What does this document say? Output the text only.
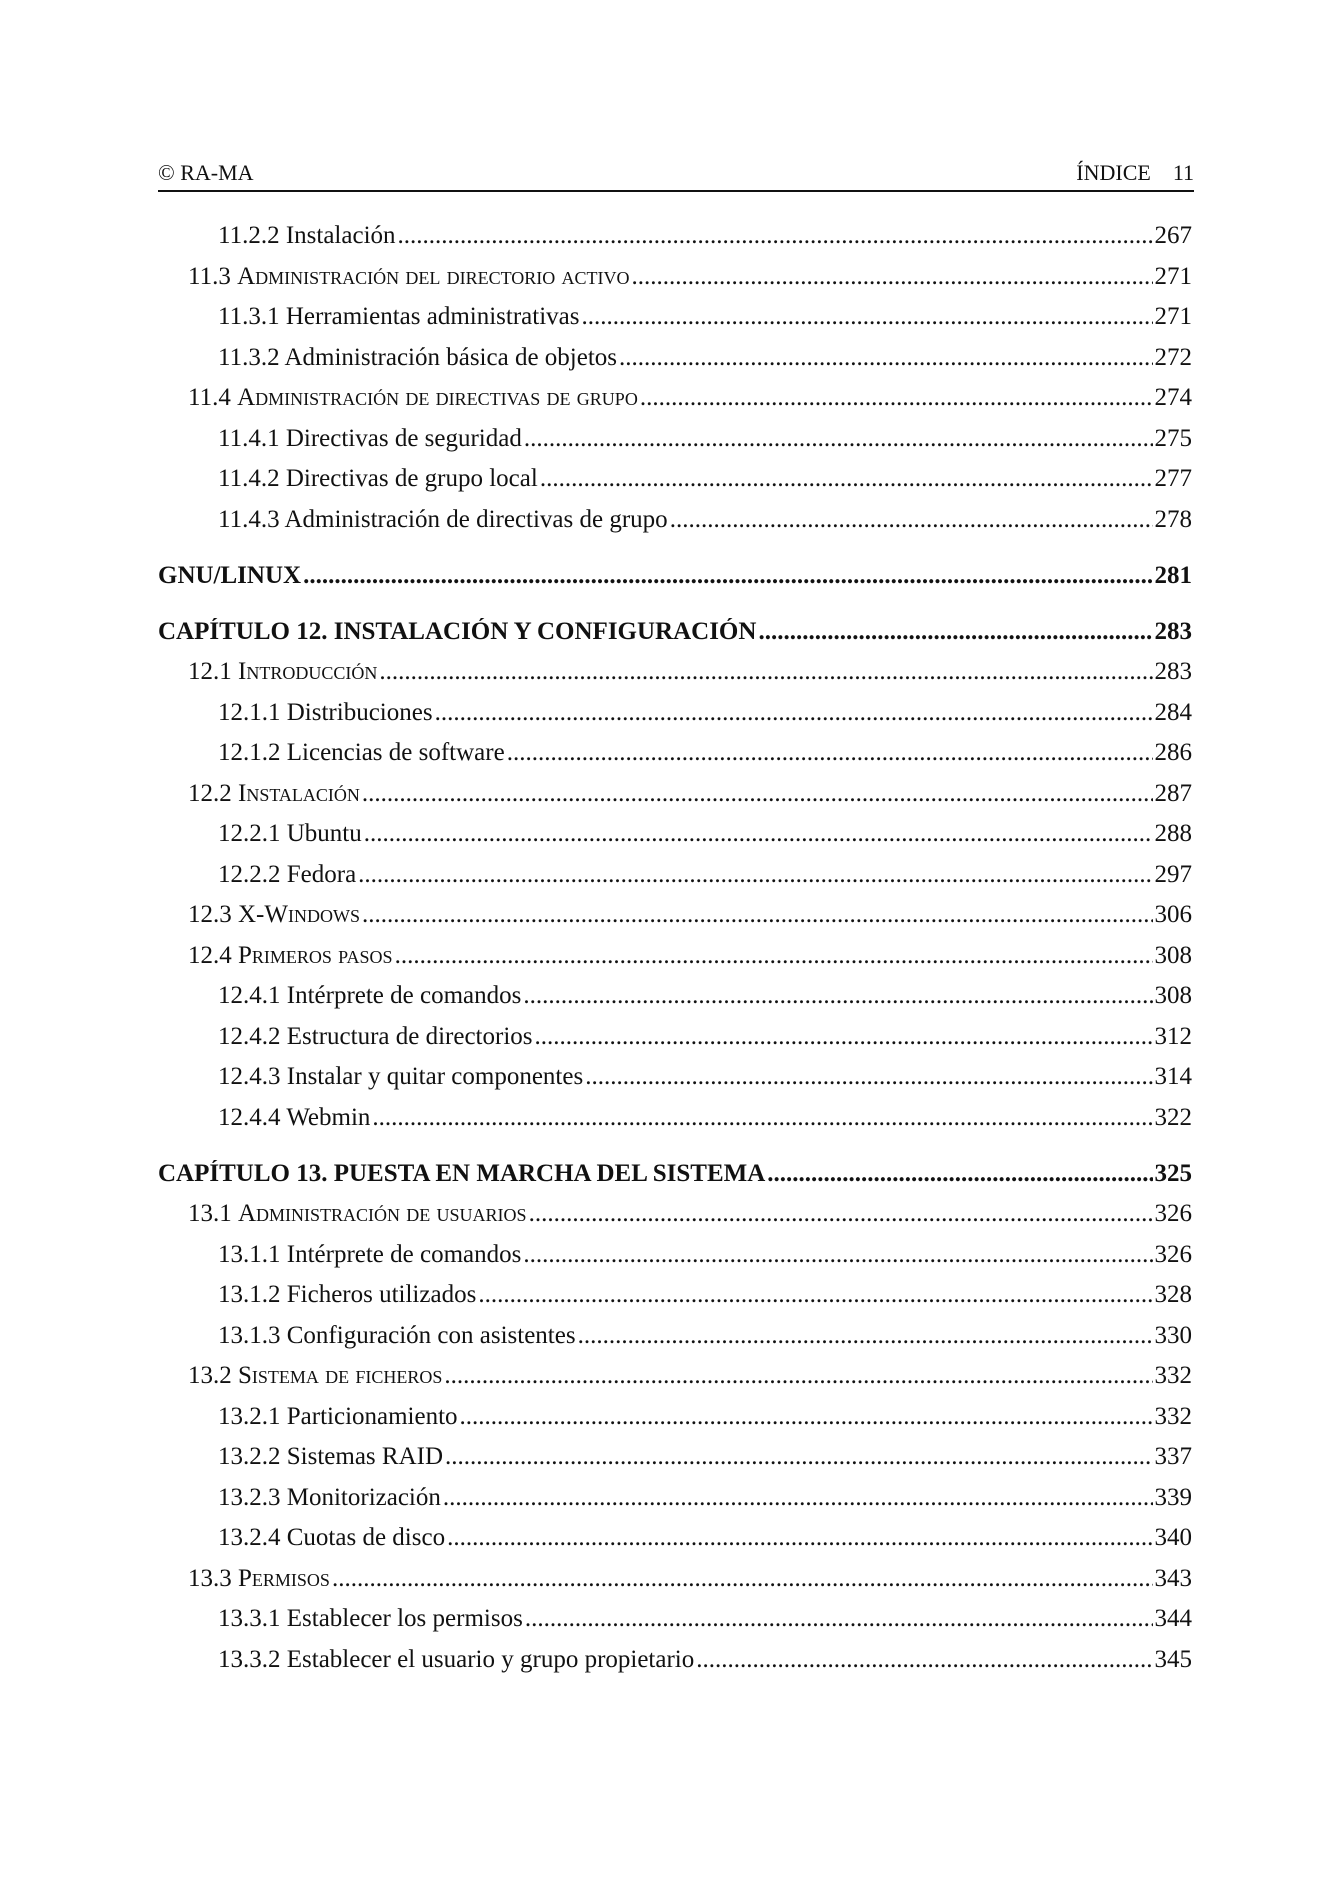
© RA-MA	ÍNDICE 11
11.2.2 Instalación .....	267
11.3 Administración del directorio activo .....	271
11.3.1 Herramientas administrativas .....	271
11.3.2 Administración básica de objetos .....	272
11.4 Administración de directivas de grupo .....	274
11.4.1 Directivas de seguridad .....	275
11.4.2 Directivas de grupo local .....	277
11.4.3 Administración de directivas de grupo .....	278
GNU/LINUX .....	281
CAPÍTULO 12. INSTALACIÓN Y CONFIGURACIÓN .....	283
12.1 Introducción .....	283
12.1.1 Distribuciones .....	284
12.1.2 Licencias de software .....	286
12.2 Instalación .....	287
12.2.1 Ubuntu .....	288
12.2.2 Fedora .....	297
12.3 X-Windows .....	306
12.4 Primeros pasos .....	308
12.4.1 Intérprete de comandos .....	308
12.4.2 Estructura de directorios .....	312
12.4.3 Instalar y quitar componentes .....	314
12.4.4 Webmin .....	322
CAPÍTULO 13. PUESTA EN MARCHA DEL SISTEMA .....	325
13.1 Administración de usuarios .....	326
13.1.1 Intérprete de comandos .....	326
13.1.2 Ficheros utilizados .....	328
13.1.3 Configuración con asistentes .....	330
13.2 Sistema de ficheros .....	332
13.2.1 Particionamiento .....	332
13.2.2 Sistemas RAID .....	337
13.2.3 Monitorización .....	339
13.2.4 Cuotas de disco .....	340
13.3 Permisos .....	343
13.3.1 Establecer los permisos .....	344
13.3.2 Establecer el usuario y grupo propietario .....	345
